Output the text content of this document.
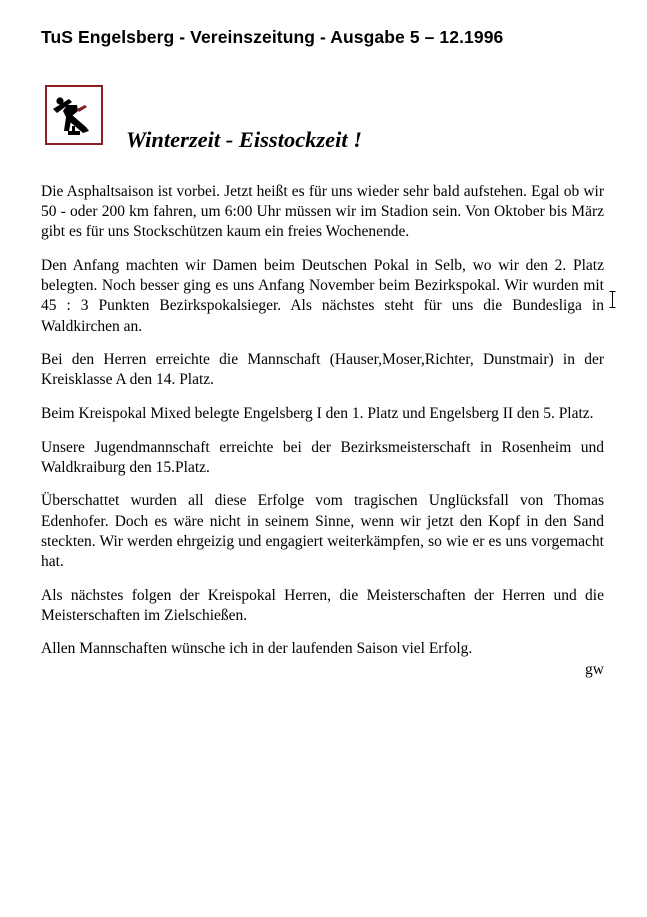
TuS Engelsberg - Vereinszeitung - Ausgabe 5 – 12.1996
Winterzeit - Eisstockzeit !

Die Asphaltsaison ist vorbei. Jetzt heißt es für uns wieder sehr bald aufstehen. Egal ob wir 50 - oder 200 km fahren, um 6:00 Uhr müssen wir im Stadion sein. Von Oktober bis März gibt es für uns Stockschützen kaum ein freies Wochenende.

Den Anfang machten wir Damen beim Deutschen Pokal in Selb, wo wir den 2. Platz belegten. Noch besser ging es uns Anfang November beim Bezirkspokal. Wir wurden mit 45 : 3 Punkten Bezirkspokalsieger. Als nächstes steht für uns die Bundesliga in Waldkirchen an.

Bei den Herren erreichte die Mannschaft (Hauser,Moser,Richter, Dunstmair) in der Kreisklasse A den 14. Platz.

Beim Kreispokal Mixed belegte Engelsberg I den 1. Platz und Engelsberg II den 5. Platz.

Unsere Jugendmannschaft erreichte bei der Bezirksmeisterschaft in Rosenheim und Waldkraiburg den 15.Platz.

Überschattet wurden all diese Erfolge vom tragischen Unglücksfall von Thomas Edenhofer. Doch es wäre nicht in seinem Sinne, wenn wir jetzt den Kopf in den Sand steckten. Wir werden ehrgeizig und engagiert weiterkämpfen, so wie er es uns vorgemacht hat.

Als nächstes folgen der Kreispokal Herren, die Meisterschaften der Herren und die Meisterschaften im Zielschießen.

Allen Mannschaften wünsche ich in der laufenden Saison viel Erfolg.

gw
